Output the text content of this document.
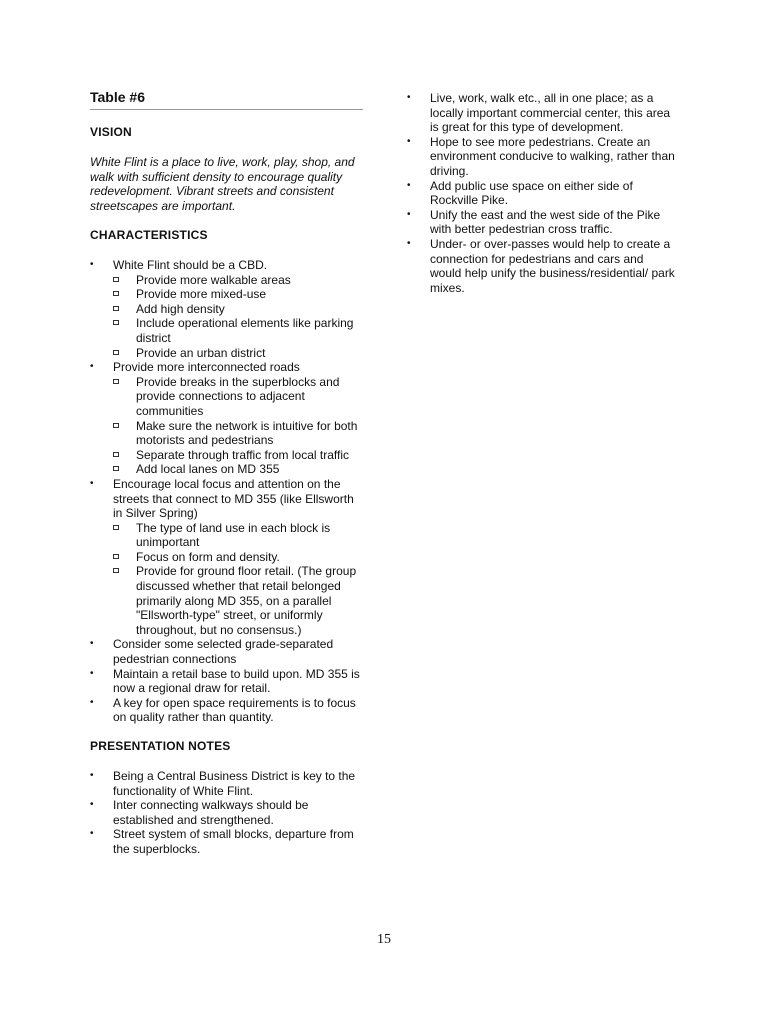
Table #6
VISION

White Flint is a place to live, work, play, shop, and walk with sufficient density to encourage quality redevelopment. Vibrant streets and consistent streetscapes are important.

CHARACTERISTICS
•	White Flint should be a CBD.
Provide more walkable areas
Provide more mixed-use
Add high density
Include operational elements like parking district
Provide an urban district
•	Provide more interconnected roads
Provide breaks in the superblocks and provide connections to adjacent communities
Make sure the network is intuitive for both motorists and pedestrians
Separate through traffic from local traffic
Add local lanes on MD 355
•	Encourage local focus and attention on the streets that connect to MD 355 (like Ellsworth in Silver Spring)
The type of land use in each block is unimportant
Focus on form and density.
Provide for ground floor retail. (The group discussed whether that retail belonged primarily along MD 355, on a parallel "Ellsworth-type" street, or uniformly throughout, but no consensus.)
•	Consider some selected grade-separated pedestrian connections
•	Maintain a retail base to build upon. MD 355 is now a regional draw for retail.
•	A key for open space requirements is to focus on quality rather than quantity.
PRESENTATION NOTES
•	Being a Central Business District is key to the functionality of White Flint.
•	Inter connecting walkways should be established and strengthened.
•	Street system of small blocks, departure from the superblocks.
•	Live, work, walk etc., all in one place; as a locally important commercial center, this area is great for this type of development.
•	Hope to see more pedestrians. Create an environment conducive to walking, rather than driving.
•	Add public use space on either side of Rockville Pike.
•	Unify the east and the west side of the Pike with better pedestrian cross traffic.
•	Under- or over-passes would help to create a connection for pedestrians and cars and would help unify the business/residential/ park mixes.
15
